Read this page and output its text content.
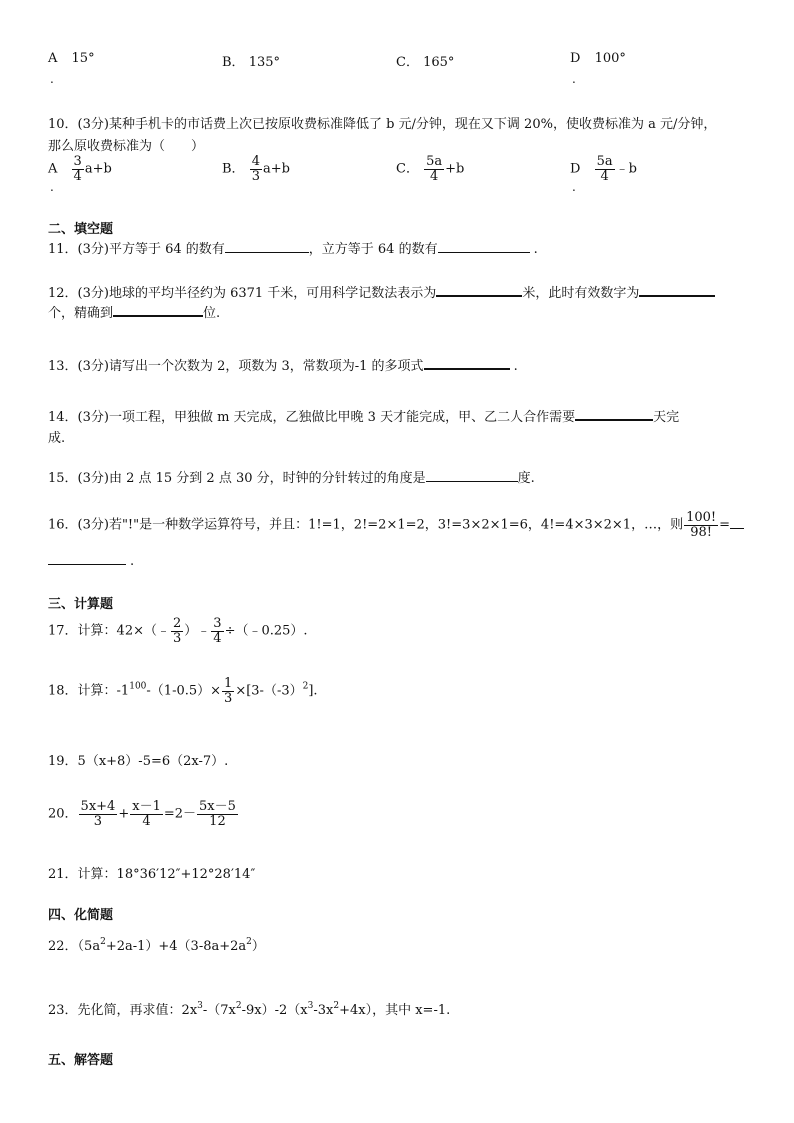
A 15°
.
B． 135°	C． 165°	D 100°
.
10．(3分)某种手机卡的市话费上次已按原收费标准降低了 b 元/分钟，现在又下调 20%，使收费标准为 a 元/分钟，
那么原收费标准为（　　）
A $\frac{3}{4} a+b$
.
B． $\frac{4}{3} a+b$	C． $\frac{5a}{4} +b$	D $\frac{5a}{4}$ ﹣b
.
二、填空题
11．(3分)平方等于 64 的数有	，立方等于 64 的数有	.
12．(3分)地球的平均半径约为 6371 千米，可用科学记数法表示为	米，此时有效数字为
个，精确到	位.
13．(3分)请写出一个次数为 2，项数为 3，常数项为-1 的多项式	.
14．(3分)一项工程，甲独做 m 天完成，乙独做比甲晚 3 天才能完成，甲、乙二人合作需要	天完
成.
15．(3分)由 2 点 15 分到 2 点 30 分，时钟的分针转过的角度是	度.
16．(3分)若"!"是一种数学运算符号，并且：1!=1，2!=2×1=2，3!=3×2×1=6，4!=4×3×2×1，…，则 $\frac{100!}{98!}$ =
.
三、计算题
17．计算：42×（﹣ $\frac{2}{3}$ ）﹣ $\frac{3}{4}$ ÷（﹣0.25）.
18．计算：$-1^{100}-(1-0.5)\times \frac{1}{3} \times[3-(-3)^2]$.
19．5（x+8）-5=6（2x-7）.
20． $\frac{5x+4}{3} + \frac{x-1}{4} =2- \frac{5x-5}{12}$
21．计算：18°36′12″+12°28′14″
四、化简题
22．$(5a^2+2a-1)+4(3-8a+2a^2)$
23．先化简，再求值：$2x^3-(7x^2-9x)-2(x^3-3x^2+4x)$，其中 x=-1.
五、解答题
